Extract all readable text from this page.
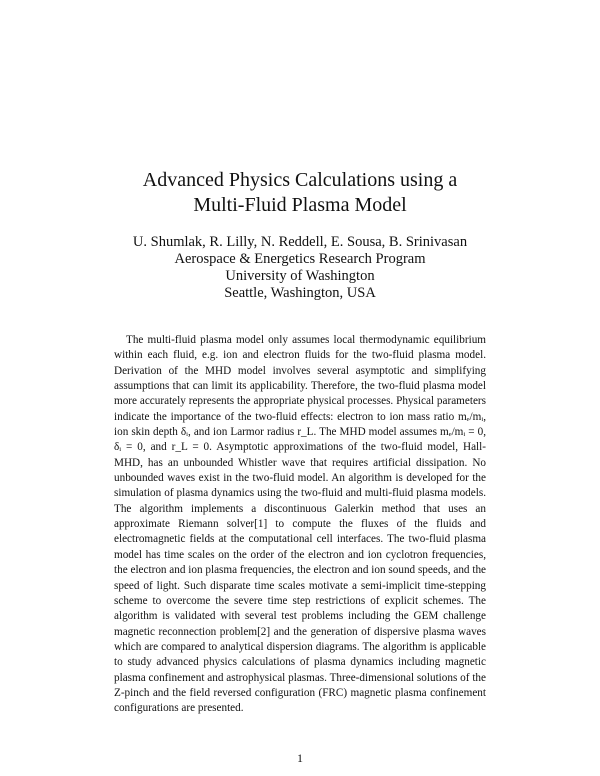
Advanced Physics Calculations using a
Multi-Fluid Plasma Model
U. Shumlak, R. Lilly, N. Reddell, E. Sousa, B. Srinivasan
Aerospace & Energetics Research Program
University of Washington
Seattle, Washington, USA

The multi-fluid plasma model only assumes local thermodynamic equilibrium within each fluid, e.g. ion and electron fluids for the two-fluid plasma model. Derivation of the MHD model involves several asymptotic and simplifying assumptions that can limit its applicability. Therefore, the two-fluid plasma model more accurately represents the appropriate physical processes. Physical parameters indicate the importance of the two-fluid effects: electron to ion mass ratio mₑ/mᵢ, ion skin depth δᵢ, and ion Larmor radius r_L. The MHD model assumes mₑ/mᵢ = 0, δᵢ = 0, and r_L = 0. Asymptotic approximations of the two-fluid model, Hall-MHD, has an unbounded Whistler wave that requires artificial dissipation. No unbounded waves exist in the two-fluid model. An algorithm is developed for the simulation of plasma dynamics using the two-fluid and multi-fluid plasma models. The algorithm implements a discontinuous Galerkin method that uses an approximate Riemann solver[1] to compute the fluxes of the fluids and electromagnetic fields at the computational cell interfaces. The two-fluid plasma model has time scales on the order of the electron and ion cyclotron frequencies, the electron and ion plasma frequencies, the electron and ion sound speeds, and the speed of light. Such disparate time scales motivate a semi-implicit time-stepping scheme to overcome the severe time step restrictions of explicit schemes. The algorithm is validated with several test problems including the GEM challenge magnetic reconnection problem[2] and the generation of dispersive plasma waves which are compared to analytical dispersion diagrams. The algorithm is applicable to study advanced physics calculations of plasma dynamics including magnetic plasma confinement and astrophysical plasmas. Three-dimensional solutions of the Z-pinch and the field reversed configuration (FRC) magnetic plasma confinement configurations are presented.

1
